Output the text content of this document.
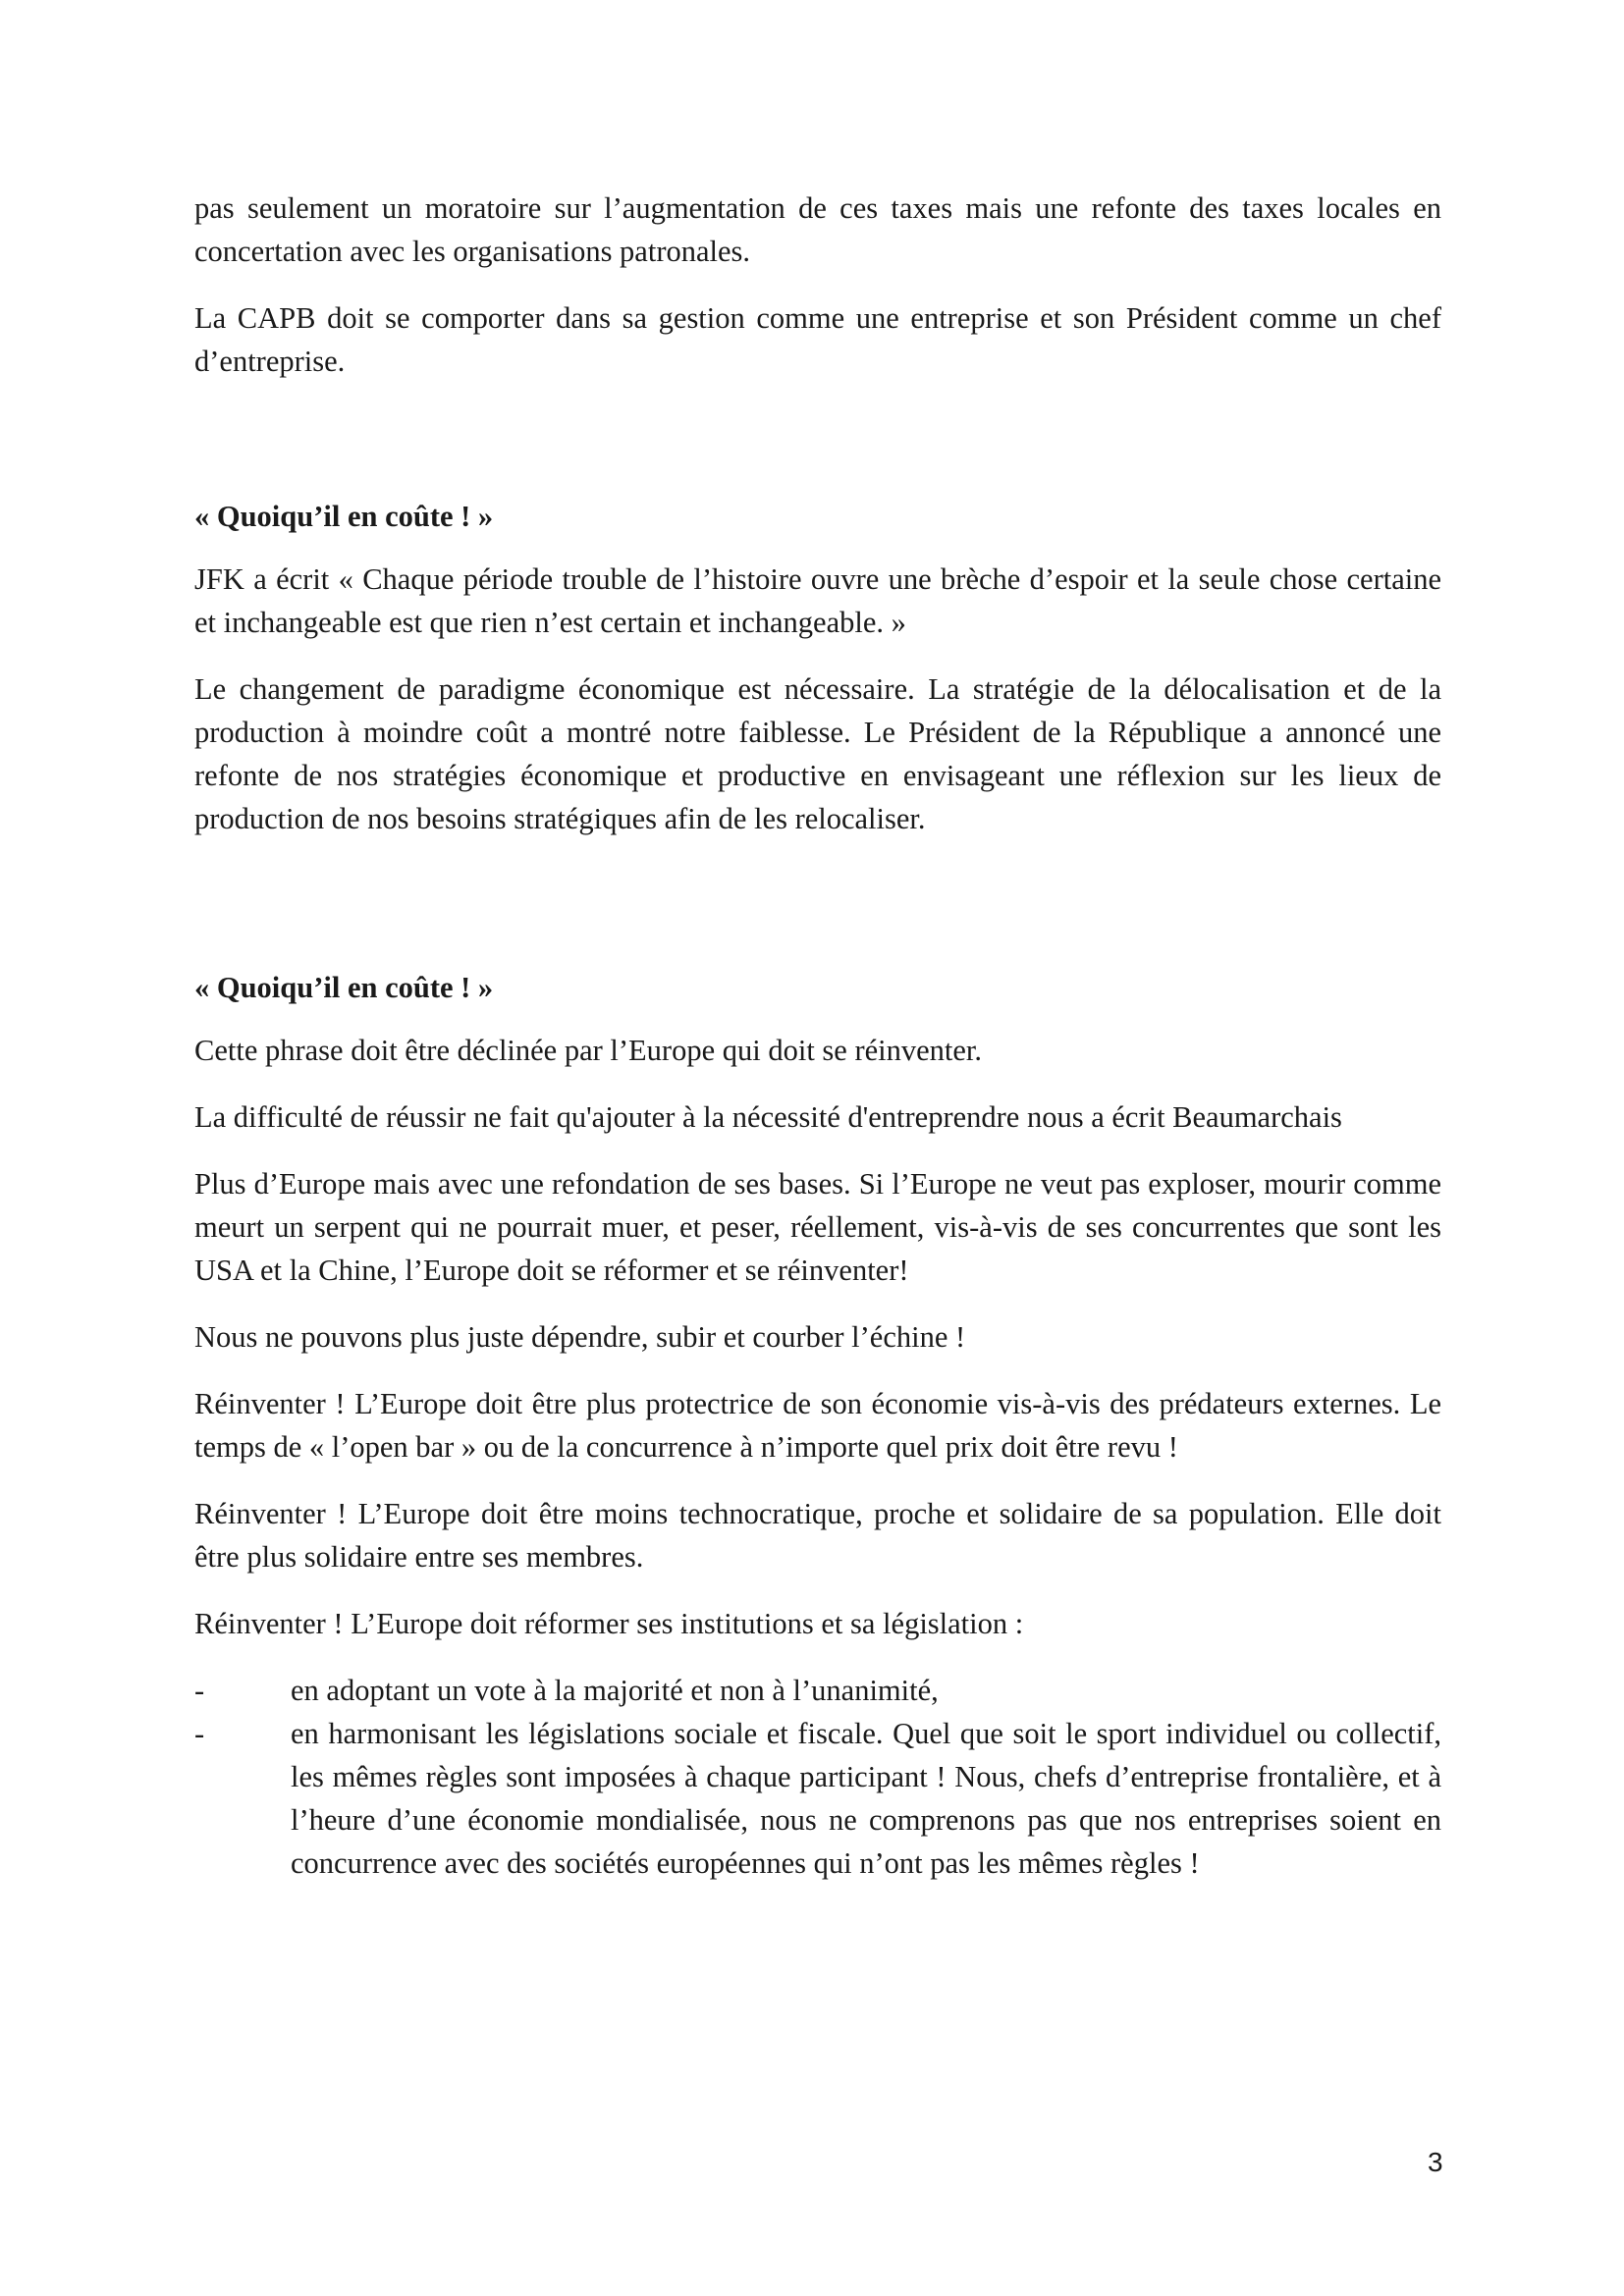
pas seulement un moratoire sur l’augmentation de ces taxes mais une refonte des taxes locales en concertation avec les organisations patronales.

La CAPB doit se comporter dans sa gestion comme une entreprise et son Président comme un chef d’entreprise.

« Quoiqu’il en coûte ! »

JFK a écrit « Chaque période trouble de l’histoire ouvre une brèche d’espoir et la seule chose certaine et inchangeable est que rien n’est certain et inchangeable. »

Le changement de paradigme économique est nécessaire. La stratégie de la délocalisation et de la production à moindre coût a montré notre faiblesse. Le Président de la République a annoncé une refonte de nos stratégies économique et productive en envisageant une réflexion sur les lieux de production de nos besoins stratégiques afin de les relocaliser.

« Quoiqu’il en coûte ! »

Cette phrase doit être déclinée par l’Europe qui doit se réinventer.

La difficulté de réussir ne fait qu'ajouter à la nécessité d'entreprendre nous a écrit Beaumarchais

Plus d’Europe mais avec une refondation de ses bases. Si l’Europe ne veut pas exploser, mourir comme meurt un serpent qui ne pourrait muer, et peser, réellement, vis-à-vis de ses concurrentes que sont les USA et la Chine, l’Europe doit se réformer et se réinventer!

Nous ne pouvons plus juste dépendre, subir et courber l’échine !

Réinventer ! L’Europe doit être plus protectrice de son économie vis-à-vis des prédateurs externes. Le temps de « l’open bar » ou de la concurrence à n’importe quel prix doit être revu !

Réinventer ! L’Europe doit être moins technocratique, proche et solidaire de sa population. Elle doit être plus solidaire entre ses membres.

Réinventer ! L’Europe doit réformer ses institutions et sa législation :

-	en adoptant un vote à la majorité et non à l’unanimité,
-	en harmonisant les législations sociale et fiscale. Quel que soit le sport individuel ou collectif, les mêmes règles sont imposées à chaque participant ! Nous, chefs d’entreprise frontalière, et à l’heure d’une économie mondialisée, nous ne comprenons pas que nos entreprises soient en concurrence avec des sociétés européennes qui n’ont pas les mêmes règles !
3
